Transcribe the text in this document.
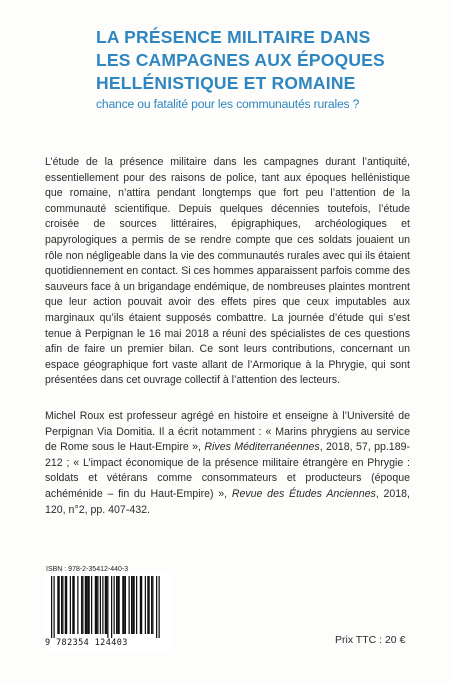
LA PRÉSENCE MILITAIRE DANS
LES CAMPAGNES AUX ÉPOQUES
HELLÉNISTIQUE ET ROMAINE
chance ou fatalité pour les communautés rurales ?

L’étude de la présence militaire dans les campagnes durant l’antiquité, essentiellement pour des raisons de police, tant aux époques hellénistique que romaine, n’attira pendant longtemps que fort peu l’attention de la communauté scientifique. Depuis quelques décennies toutefois, l’étude croisée de sources littéraires, épigraphiques, archéologiques et papyrologiques a permis de se rendre compte que ces soldats jouaient un rôle non négligeable dans la vie des communautés rurales avec qui ils étaient quotidiennement en contact. Si ces hommes apparaissent parfois comme des sauveurs face à un brigandage endémique, de nombreuses plaintes montrent que leur action pouvait avoir des effets pires que ceux imputables aux marginaux qu’ils étaient supposés combattre. La journée d’étude qui s’est tenue à Perpignan le 16 mai 2018 a réuni des spécialistes de ces questions afin de faire un premier bilan. Ce sont leurs contributions, concernant un espace géographique fort vaste allant de l’Armorique à la Phrygie, qui sont présentées dans cet ouvrage collectif à l’attention des lecteurs.

Michel Roux est professeur agrégé en histoire et enseigne à l’Université de Perpignan Via Domitia. Il a écrit notamment : « Marins phrygiens au service de Rome sous le Haut-Empire », Rives Méditerranéennes, 2018, 57, pp.189-212 ; « L’impact économique de la présence militaire étrangère en Phrygie : soldats et vétérans comme consommateurs et producteurs (époque achéménide – fin du Haut-Empire) », Revue des Études Anciennes, 2018, 120, n°2, pp. 407-432.
ISBN : 978-2-35412-440-3
9 782354 124403	Prix TTC : 20 €
